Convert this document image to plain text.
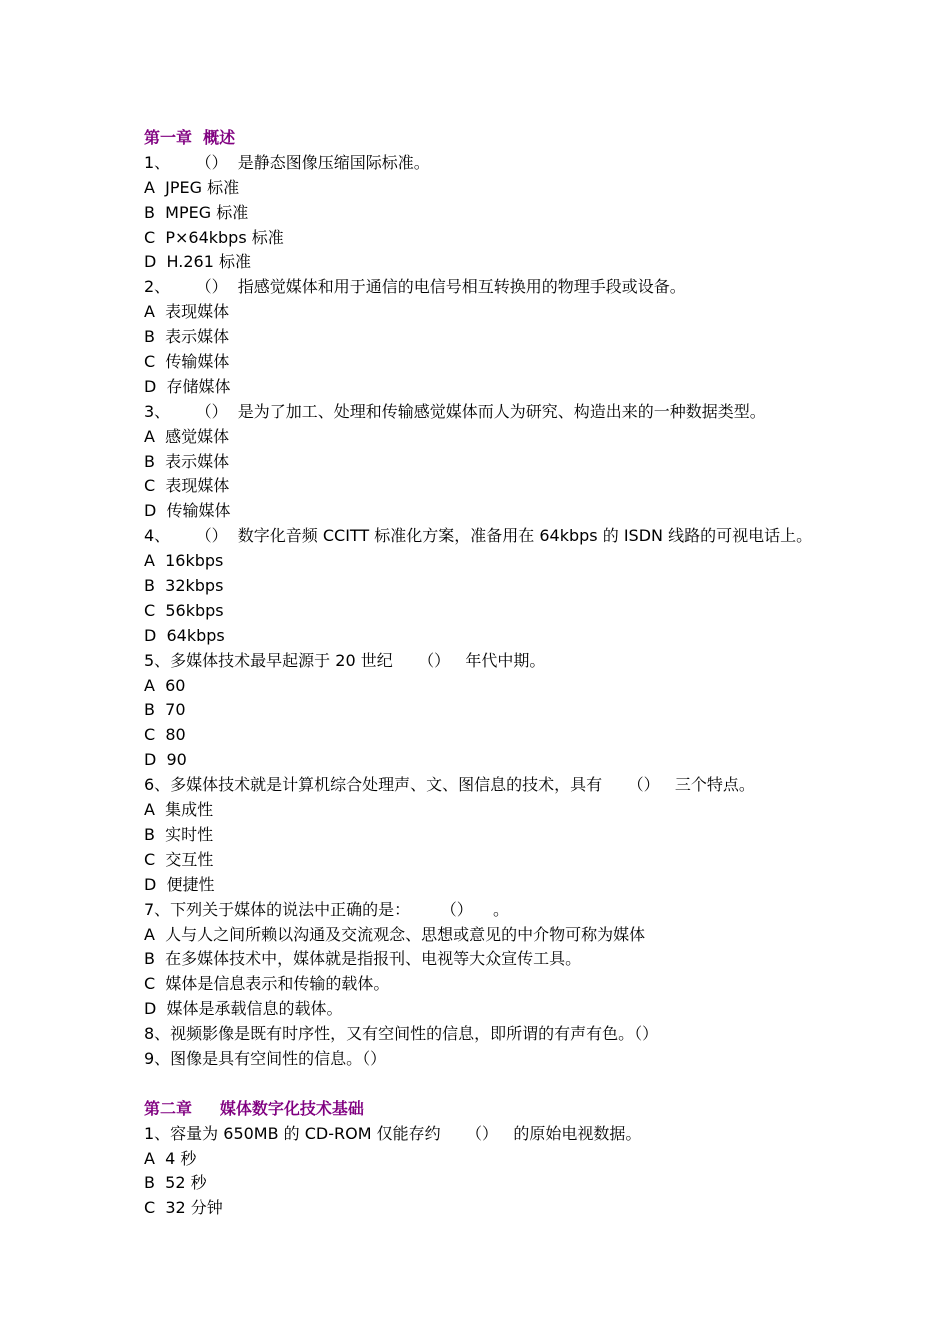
第一章  概述
1、     （）  是静态图像压缩国际标准。
A  JPEG 标准
B  MPEG 标准
C  P×64kbps 标准
D  H.261 标准
2、     （）  指感觉媒体和用于通信的电信号相互转换用的物理手段或设备。
A  表现媒体
B  表示媒体
C  传输媒体
D  存储媒体
3、     （）  是为了加工、处理和传输感觉媒体而人为研究、构造出来的一种数据类型。
A  感觉媒体
B  表示媒体
C  表现媒体
D  传输媒体
4、     （）  数字化音频 CCITT 标准化方案，准备用在 64kbps 的 ISDN 线路的可视电话上。
A  16kbps
B  32kbps
C  56kbps
D  64kbps
5、多媒体技术最早起源于 20 世纪     （）   年代中期。
A  60
B  70
C  80
D  90
6、多媒体技术就是计算机综合处理声、文、图信息的技术，具有     （）   三个特点。
A  集成性
B  实时性
C  交互性
D  便捷性
7、下列关于媒体的说法中正确的是：      （）    。
A  人与人之间所赖以沟通及交流观念、思想或意见的中介物可称为媒体
B  在多媒体技术中，媒体就是指报刊、电视等大众宣传工具。
C  媒体是信息表示和传输的载体。
D  媒体是承载信息的载体。
8、视频影像是既有时序性，又有空间性的信息，即所谓的有声有色。（）
9、图像是具有空间性的信息。（）
第二章     媒体数字化技术基础
1、容量为 650MB 的 CD-ROM 仅能存约     （）   的原始电视数据。
A  4 秒
B  52 秒
C  32 分钟
